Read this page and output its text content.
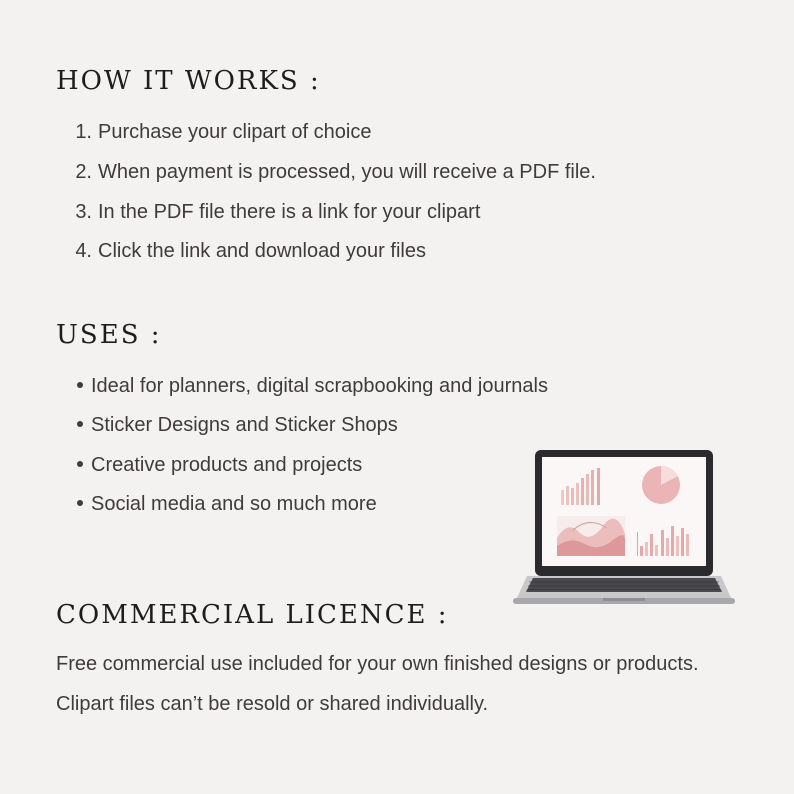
HOW IT WORKS :

1. Purchase your clipart of choice

2. When payment is processed, you will receive a PDF file.

3. In the PDF file there is a link for your clipart

4. Click the link and download your files

USES :

Ideal for planners, digital scrapbooking and journals

Sticker Designs and Sticker Shops

Creative products and projects

Social media and so much more

COMMERCIAL LICENCE :

Free commercial use included for your own finished designs or products.

Clipart files can’t be resold or shared individually.
